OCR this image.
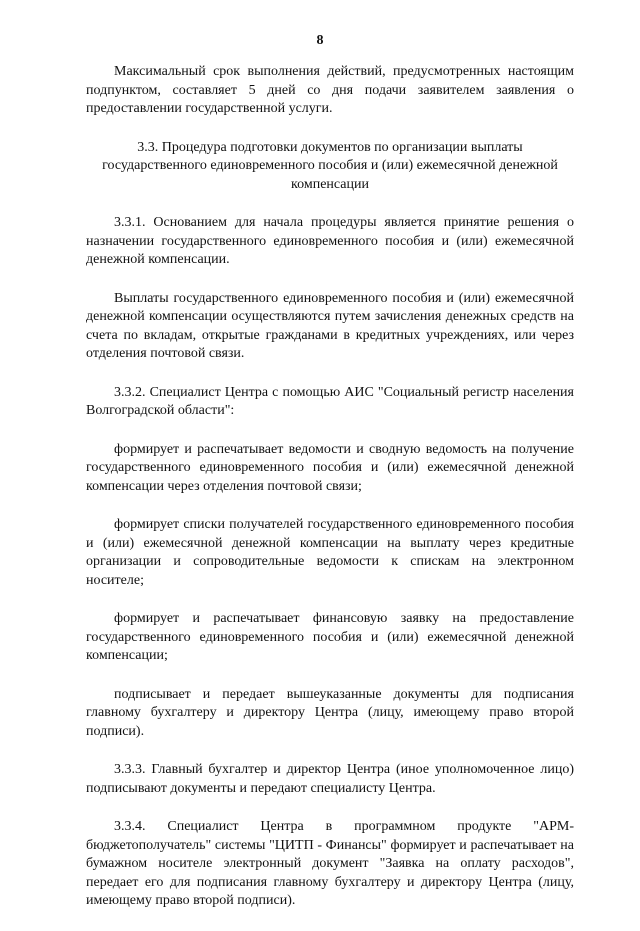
8

Максимальный срок выполнения действий, предусмотренных настоящим подпунктом, составляет 5 дней со дня подачи заявителем заявления о предоставлении государственной услуги.

3.3. Процедура подготовки документов по организации выплаты государственного единовременного пособия и (или) ежемесячной денежной компенсации

3.3.1. Основанием для начала процедуры является принятие решения о назначении государственного единовременного пособия и (или) ежемесячной денежной компенсации.

Выплаты государственного единовременного пособия и (или) ежемесячной денежной компенсации осуществляются путем зачисления денежных средств на счета по вкладам, открытые гражданами в кредитных учреждениях, или через отделения почтовой связи.

3.3.2. Специалист Центра с помощью АИС "Социальный регистр населения Волгоградской области":

формирует и распечатывает ведомости и сводную ведомость на получение государственного единовременного пособия и (или) ежемесячной денежной компенсации через отделения почтовой связи;

формирует списки получателей государственного единовременного пособия и (или) ежемесячной денежной компенсации на выплату через кредитные организации и сопроводительные ведомости к спискам на электронном носителе;

формирует и распечатывает финансовую заявку на предоставление государственного единовременного пособия и (или) ежемесячной денежной компенсации;

подписывает и передает вышеуказанные документы для подписания главному бухгалтеру и директору Центра (лицу, имеющему право второй подписи).

3.3.3. Главный бухгалтер и директор Центра (иное уполномоченное лицо) подписывают документы и передают специалисту Центра.

3.3.4. Специалист Центра в программном продукте "АРМ-бюджетополучатель" системы "ЦИТП - Финансы" формирует и распечатывает на бумажном носителе электронный документ "Заявка на оплату расходов", передает его для подписания главному бухгалтеру и директору Центра (лицу, имеющему право второй подписи).
